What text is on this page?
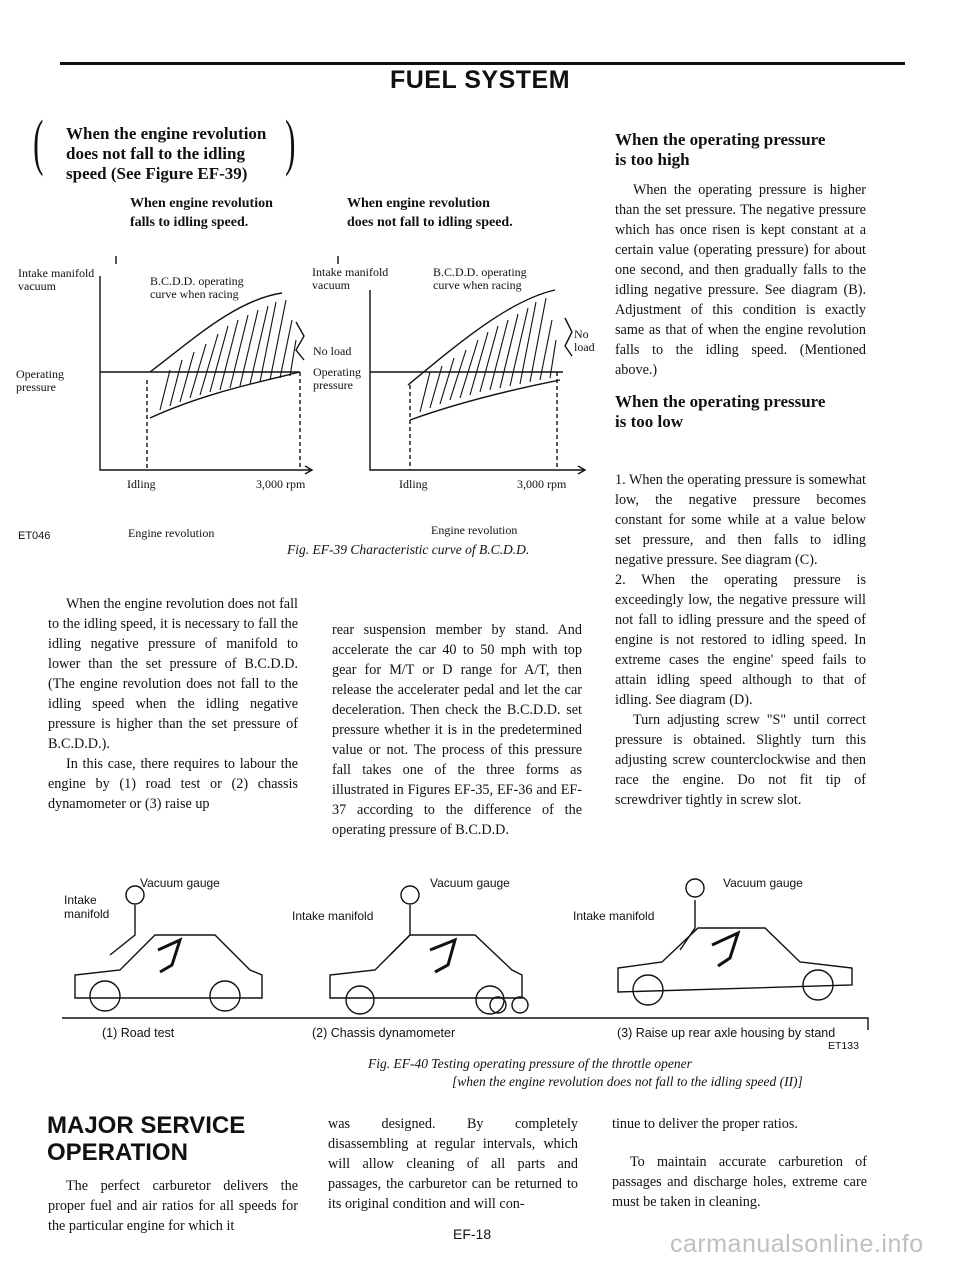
FUEL SYSTEM
(	)
When the engine revolution
does not fall to the idling
speed (See Figure EF-39)
When engine revolution
falls to idling speed.
When engine revolution
does not fall to idling speed.
Intake manifold
vacuum	B.C.D.D. operating
curve when racing
Operating
pressure
No load
Operating
pressure
Idling	3,000 rpm
Engine revolution
ET046
Intake manifold
vacuum
B.C.D.D. operating
curve when racing
No
load
Idling	3,000 rpm
Engine revolution
Fig. EF-39 Characteristic curve of B.C.D.D.

When the engine revolution does not fall to the idling speed, it is necessary to fall the idling negative pressure of manifold to lower than the set pressure of B.C.D.D. (The engine revolution does not fall to the idling speed when the idling negative pressure is higher than the set pressure of B.C.D.D.).

In this case, there requires to labour the engine by (1) road test or (2) chassis dynamometer or (3) raise up

rear suspension member by stand. And accelerate the car 40 to 50 mph with top gear for M/T or D range for A/T, then release the accelerater pedal and let the car deceleration. Then check the B.C.D.D. set pressure whether it is in the predetermined value or not. The process of this pressure fall takes one of the three forms as illustrated in Figures EF-35, EF-36 and EF-37 according to the difference of the operating pressure of B.C.D.D.

When the operating pressure
is too high

When the operating pressure is higher than the set pressure. The negative pressure which has once risen is kept constant at a certain value (operating pressure) for about one second, and then gradually falls to the idling negative pressure. See diagram (B). Adjustment of this condition is exactly same as that of when the engine revolution falls to the idling speed. (Mentioned above.)

When the operating pressure
is too low

1. When the operating pressure is somewhat low, the negative pressure becomes constant for some while at a value below set pressure, and then falls to idling negative pressure. See diagram (C).

2. When the operating pressure is exceedingly low, the negative pressure will not fall to idling pressure and the speed of engine is not restored to idling speed. In extreme cases the engine' speed fails to attain idling speed although to that of idling. See diagram (D).

Turn adjusting screw "S" until correct pressure is obtained. Slightly turn this adjusting screw counterclockwise and then race the engine. Do not fit tip of screwdriver tightly in screw slot.

Vacuum gauge
Intake
manifold
Vacuum gauge
Intake manifold
Vacuum gauge
Intake manifold
(1) Road test	(2) Chassis dynamometer	(3) Raise up rear axle housing by stand
ET133
Fig. EF-40 Testing operating pressure of the throttle opener
[when the engine revolution does not fall to the idling speed (II)]
MAJOR SERVICE
OPERATION

The perfect carburetor delivers the proper fuel and air ratios for all speeds for the particular engine for which it

was designed. By completely disassembling at regular intervals, which will allow cleaning of all parts and passages, the carburetor can be returned to its original condition and will con-

tinue to deliver the proper ratios.

To maintain accurate carburetion of passages and discharge holes, extreme care must be taken in cleaning.

EF-18	carmanualsonline.info
